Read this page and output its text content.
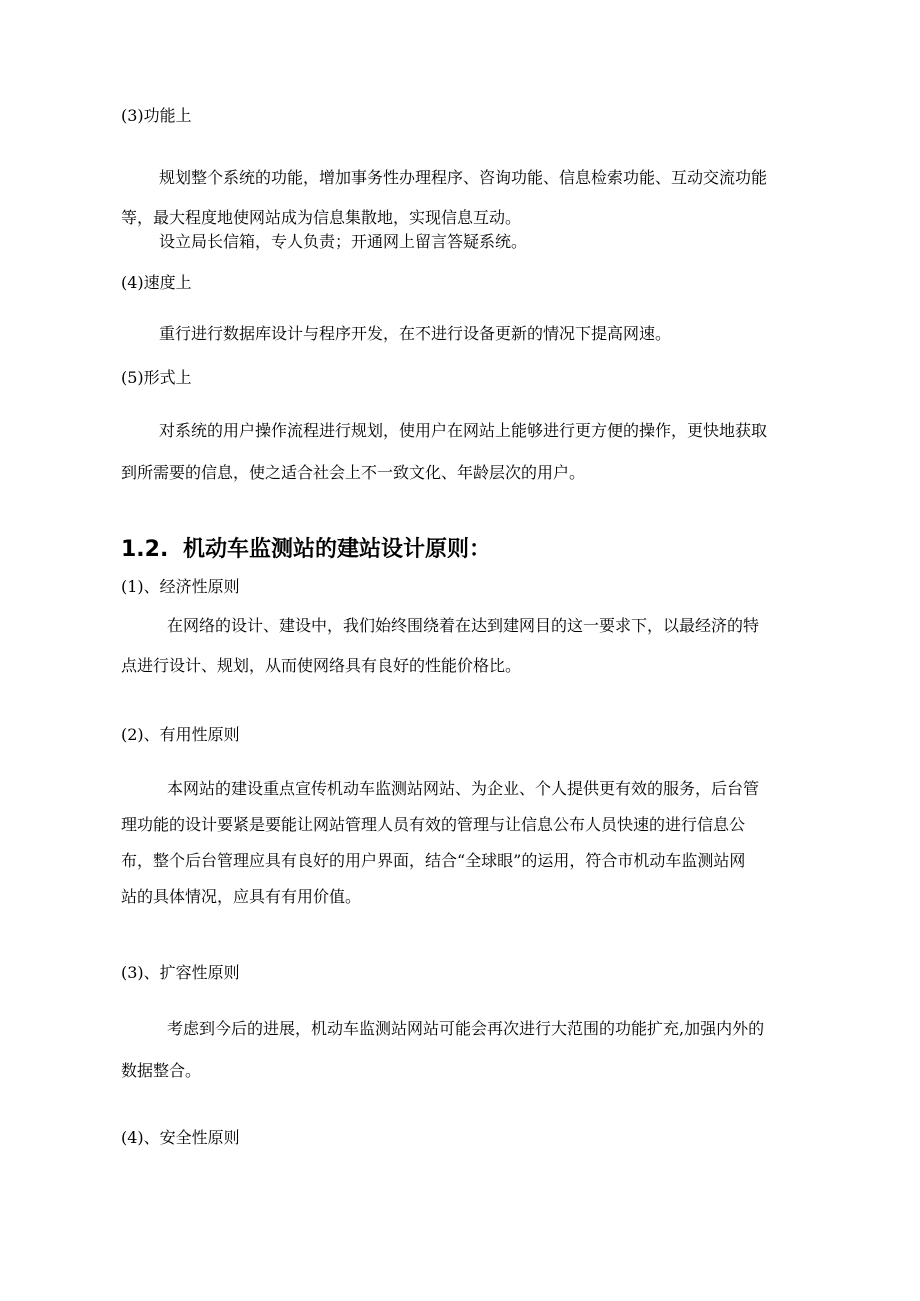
(3)功能上

规划整个系统的功能，增加事务性办理程序、咨询功能、信息检索功能、互动交流功能
等，最大程度地使网站成为信息集散地，实现信息互动。

设立局长信箱，专人负责；开通网上留言答疑系统。

(4)速度上

重行进行数据库设计与程序开发，在不进行设备更新的情况下提高网速。

(5)形式上

对系统的用户操作流程进行规划，使用户在网站上能够进行更方便的操作，更快地获取
到所需要的信息，使之适合社会上不一致文化、年龄层次的用户。
1.2. 机动车监测站的建站设计原则：

(1)、经济性原则

在网络的设计、建设中，我们始终围绕着在达到建网目的这一要求下，以最经济的特
点进行设计、规划，从而使网络具有良好的性能价格比。

(2)、有用性原则

本网站的建设重点宣传机动车监测站网站、为企业、个人提供更有效的服务，后台管
理功能的设计要紧是要能让网站管理人员有效的管理与让信息公布人员快速的进行信息公
布，整个后台管理应具有良好的用户界面，结合“全球眼”的运用，符合市机动车监测站网
站的具体情况，应具有有用价值。

(3)、扩容性原则

考虑到今后的进展，机动车监测站网站可能会再次进行大范围的功能扩充,加强内外的
数据整合。

(4)、安全性原则
